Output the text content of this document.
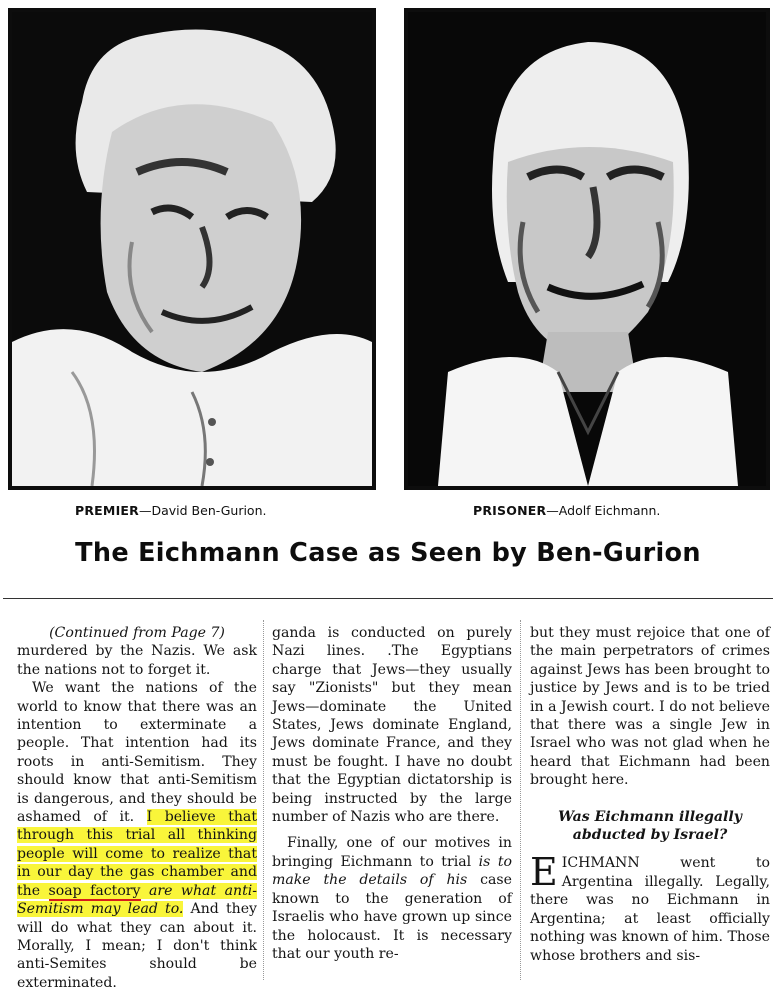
PREMIER—David Ben-Gurion.	PRISONER—Adolf Eichmann.
The Eichmann Case as Seen by Ben-Gurion

(Continued from Page 7)

murdered by the Nazis. We ask the nations not to forget it.

We want the nations of the world to know that there was an intention to exterminate a people. That intention had its roots in anti-Semitism. They should know that anti-Semitism is dangerous, and they should be ashamed of it. I believe that through this trial all thinking people will come to realize that in our day the gas chamber and the soap factory are what anti-Semitism may lead to. And they will do what they can about it. Morally, I mean; I don't think anti-Semites should be exterminated.

ganda is conducted on purely Nazi lines. .The Egyptians charge that Jews—they usually say "Zionists" but they mean Jews—dominate the United States, Jews dominate England, Jews dominate France, and they must be fought. I have no doubt that the Egyptian dictatorship is being instructed by the large number of Nazis who are there.

Finally, one of our motives in bringing Eichmann to trial is to make the details of his case known to the generation of Israelis who have grown up since the holocaust. It is necessary that our youth re-

but they must rejoice that one of the main perpetrators of crimes against Jews has been brought to justice by Jews and is to be tried in a Jewish court. I do not believe that there was a single Jew in Israel who was not glad when he heard that Eichmann had been brought here.

Was Eichmann illegally abducted by Israel?

EICHMANN went to Argentina illegally. Legally, there was no Eichmann in Argentina; at least officially nothing was known of him. Those whose brothers and sis-
